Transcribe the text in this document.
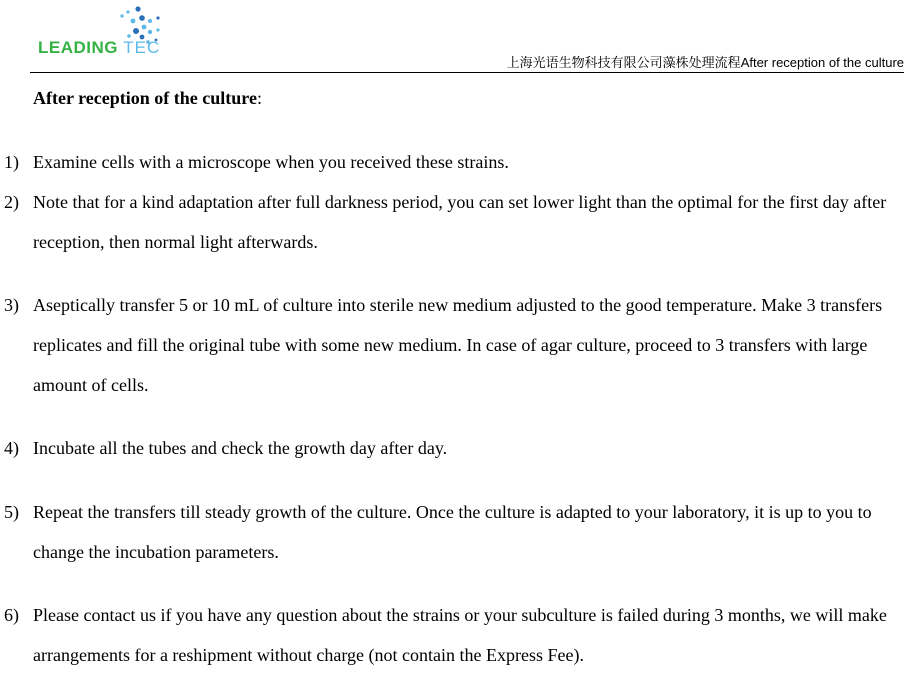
LEADING TEC
上海光语生物科技有限公司藻株处理流程After reception of the culture
After reception of the culture:
1) Examine cells with a microscope when you received these strains.
2) Note that for a kind adaptation after full darkness period, you can set lower light than the optimal for the first day after reception, then normal light afterwards.
3) Aseptically transfer 5 or 10 mL of culture into sterile new medium adjusted to the good temperature. Make 3 transfers replicates and fill the original tube with some new medium. In case of agar culture, proceed to 3 transfers with large amount of cells.
4) Incubate all the tubes and check the growth day after day.
5) Repeat the transfers till steady growth of the culture. Once the culture is adapted to your laboratory, it is up to you to change the incubation parameters.
6) Please contact us if you have any question about the strains or your subculture is failed during 3 months, we will make arrangements for a reshipment without charge (not contain the Express Fee).
